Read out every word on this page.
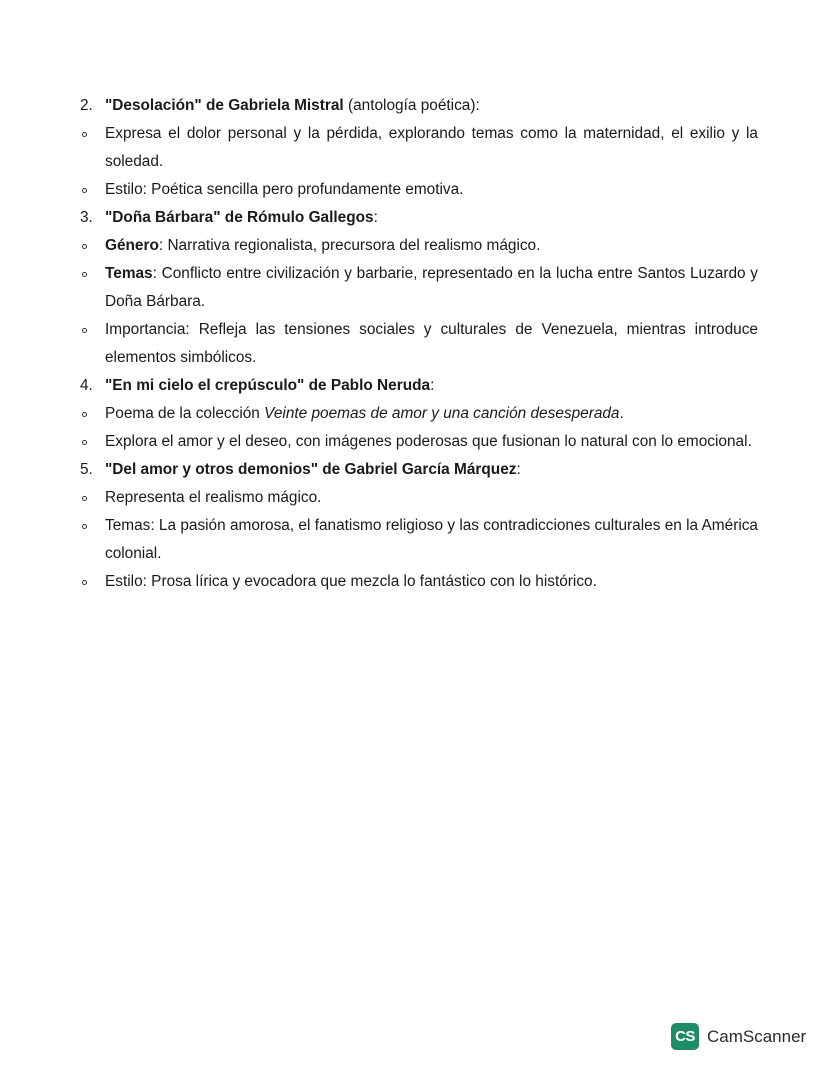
2. "Desolación" de Gabriela Mistral (antología poética):
Expresa el dolor personal y la pérdida, explorando temas como la maternidad, el exilio y la soledad.
Estilo: Poética sencilla pero profundamente emotiva.
3. "Doña Bárbara" de Rómulo Gallegos:
Género: Narrativa regionalista, precursora del realismo mágico.
Temas: Conflicto entre civilización y barbarie, representado en la lucha entre Santos Luzardo y Doña Bárbara.
Importancia: Refleja las tensiones sociales y culturales de Venezuela, mientras introduce elementos simbólicos.
4. "En mi cielo el crepúsculo" de Pablo Neruda:
Poema de la colección Veinte poemas de amor y una canción desesperada.
Explora el amor y el deseo, con imágenes poderosas que fusionan lo natural con lo emocional.
5. "Del amor y otros demonios" de Gabriel García Márquez:
Representa el realismo mágico.
Temas: La pasión amorosa, el fanatismo religioso y las contradicciones culturales en la América colonial.
Estilo: Prosa lírica y evocadora que mezcla lo fantástico con lo histórico.
CS CamScanner
